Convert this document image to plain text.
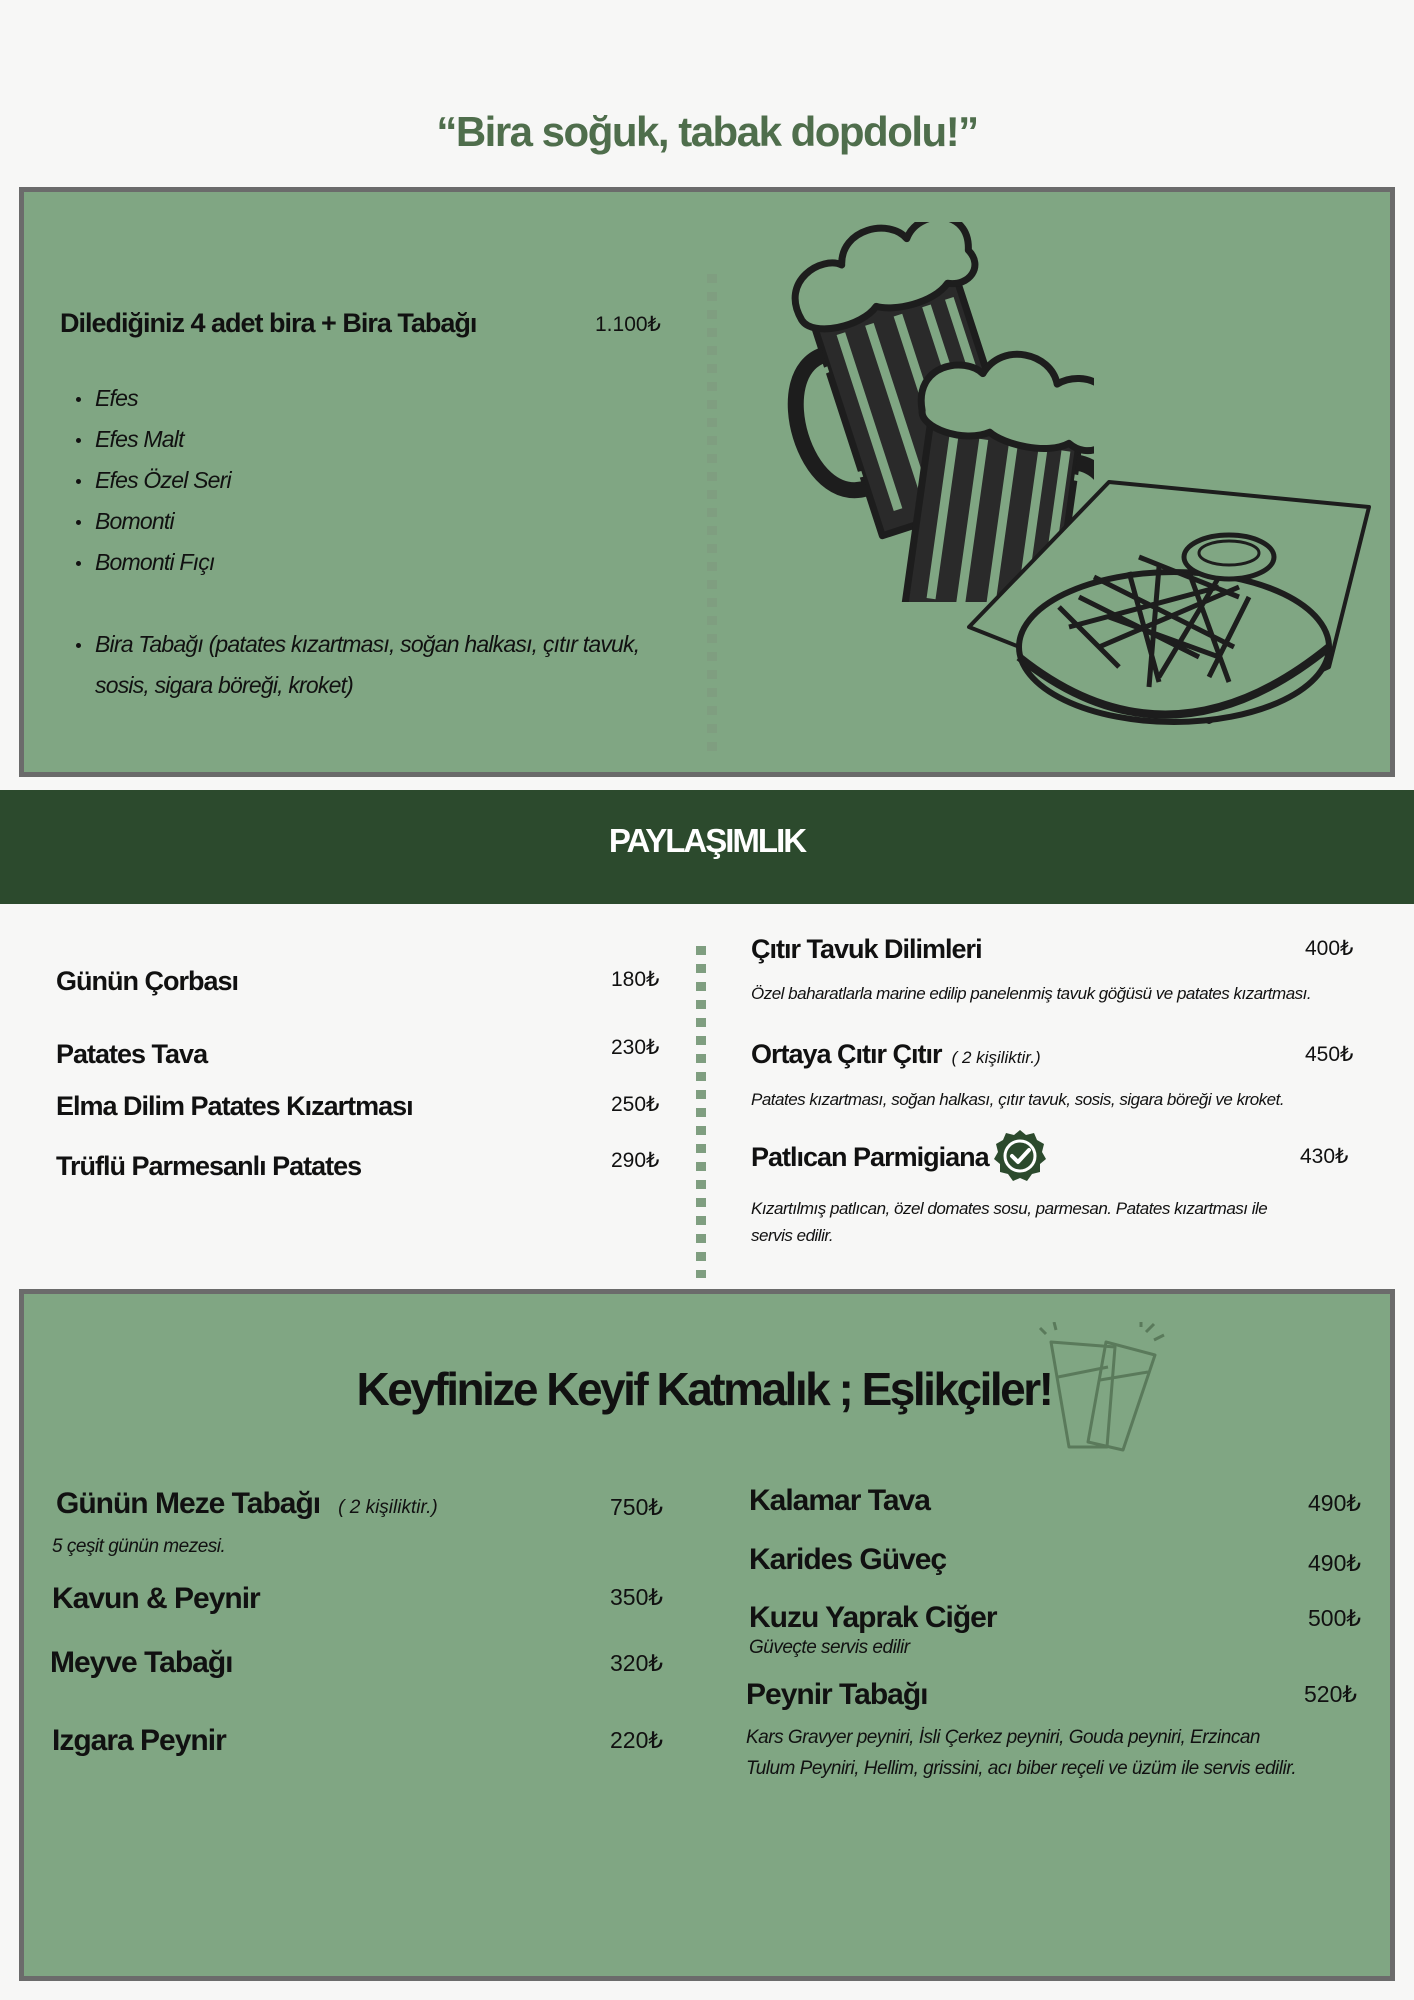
“Bira soğuk, tabak dopdolu!”
Dilediğiniz 4 adet bira + Bira Tabağı	1.100₺
Efes
Efes Malt
Efes Özel Seri
Bomonti
Bomonti Fıçı
Bira Tabağı (patates kızartması, soğan halkası, çıtır tavuk,
sosis, sigara böreği, kroket)
PAYLAŞIMLIK
Günün Çorbası	180₺
Patates Tava	230₺
Elma Dilim Patates Kızartması	250₺
Trüflü Parmesanlı Patates	290₺
Çıtır Tavuk Dilimleri	400₺
Özel baharatlarla marine edilip panelenmiş tavuk göğüsü ve patates kızartması.
Ortaya Çıtır Çıtır ( 2 kişiliktir.)	450₺
Patates kızartması, soğan halkası, çıtır tavuk, sosis, sigara böreği ve kroket.
Patlıcan Parmigiana	430₺
Kızartılmış patlıcan, özel domates sosu, parmesan. Patates kızartması ile
servis edilir.
Keyfinize Keyif Katmalık ; Eşlikçiler!
Günün Meze Tabağı ( 2 kişiliktir.)	750₺
5 çeşit günün mezesi.
Kavun & Peynir	350₺
Meyve Tabağı	320₺
Izgara Peynir	220₺
Kalamar Tava	490₺
Karides Güveç	490₺
Kuzu Yaprak Ciğer	500₺
Güveçte servis edilir
Peynir Tabağı	520₺
Kars Gravyer peyniri, İsli Çerkez peyniri, Gouda peyniri, Erzincan
Tulum Peyniri, Hellim, grissini, acı biber reçeli ve üzüm ile servis edilir.
